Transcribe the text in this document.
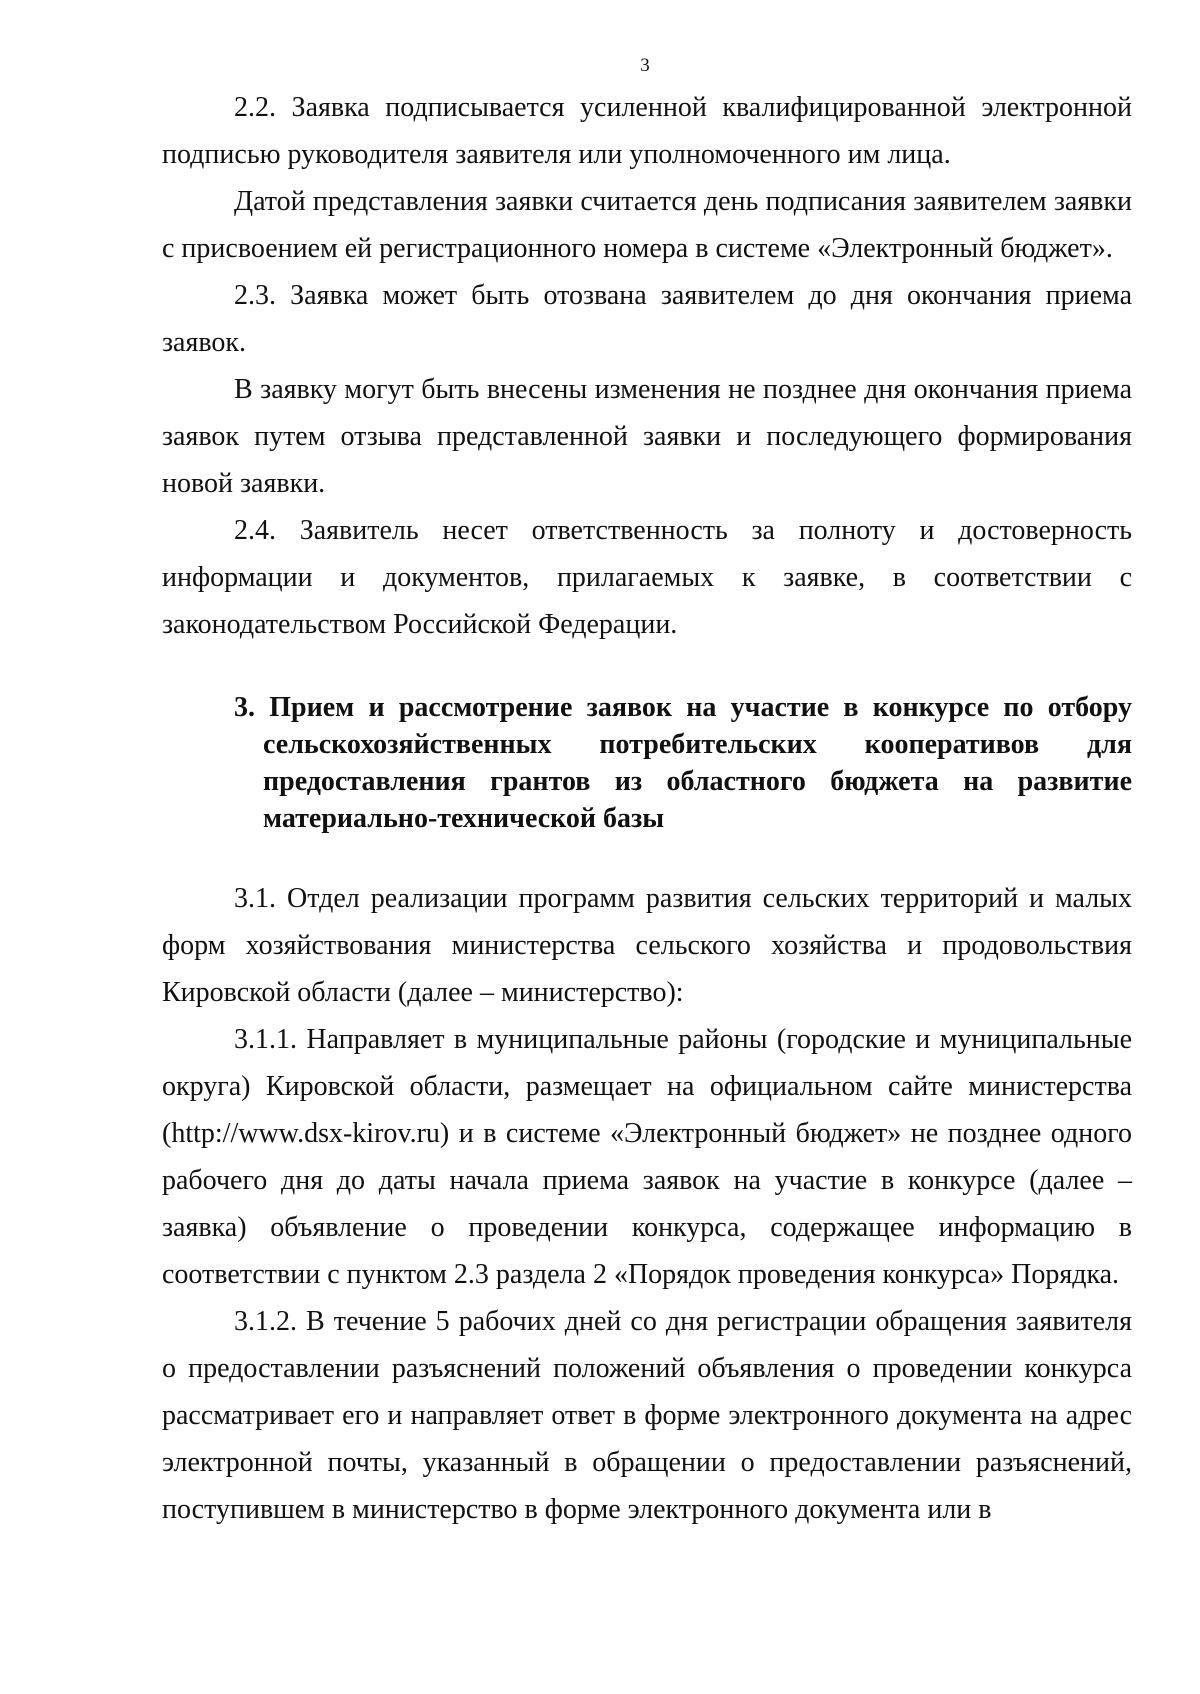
3

2.2. Заявка подписывается усиленной квалифицированной электронной подписью руководителя заявителя или уполномоченного им лица.

Датой представления заявки считается день подписания заявителем заявки с присвоением ей регистрационного номера в системе «Электронный бюджет».

2.3. Заявка может быть отозвана заявителем до дня окончания приема заявок.

В заявку могут быть внесены изменения не позднее дня окончания приема заявок путем отзыва представленной заявки и последующего формирования новой заявки.

2.4. Заявитель несет ответственность за полноту и достоверность информации и документов, прилагаемых к заявке, в соответствии с законодательством Российской Федерации.

3. Прием и рассмотрение заявок на участие в конкурсе по отбору сельскохозяйственных потребительских кооперативов для предоставления грантов из областного бюджета на развитие материально-технической базы

3.1. Отдел реализации программ развития сельских территорий и малых форм хозяйствования министерства сельского хозяйства и продовольствия Кировской области (далее – министерство):

3.1.1. Направляет в муниципальные районы (городские и муниципальные округа) Кировской области, размещает на официальном сайте министерства (http://www.dsx-kirov.ru) и в системе «Электронный бюджет» не позднее одного рабочего дня до даты начала приема заявок на участие в конкурсе (далее – заявка) объявление о проведении конкурса, содержащее информацию в соответствии с пунктом 2.3 раздела 2 «Порядок проведения конкурса» Порядка.

3.1.2. В течение 5 рабочих дней со дня регистрации обращения заявителя о предоставлении разъяснений положений объявления о проведении конкурса рассматривает его и направляет ответ в форме электронного документа на адрес электронной почты, указанный в обращении о предоставлении разъяснений, поступившем в министерство в форме электронного документа или в
